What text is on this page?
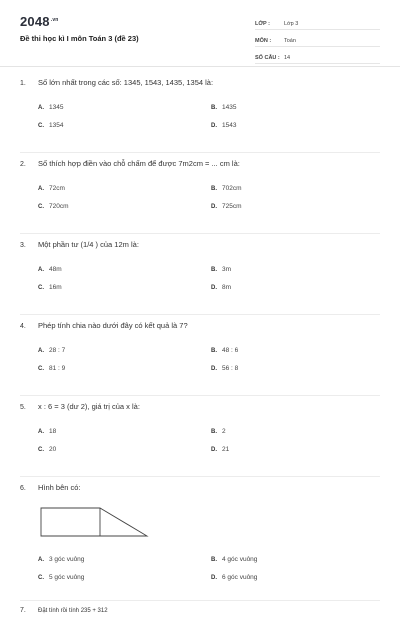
$2048^{.vn}$
Đề thi học kì I môn Toán 3 (đề 23)
LỚP :	Lớp 3
MÔN :	Toán
SỐ CÂU : 14
1.	Số lớn nhất trong các số: 1345, 1543, 1435, 1354 là:
A. 1345	B. 1435
C. 1354	D. 1543
2.	Số thích hợp điền vào chỗ chấm để được 7m2cm = ... cm là:
A. 72cm	B. 702cm
C. 720cm	D. 725cm
3.	Một phần tư (1/4 ) của 12m là:
A. 48m	B. 3m
C. 16m	D. 8m
4.	Phép tính chia nào dưới đây có kết quả là 7?
A. 28 : 7	B. 48 : 6
C. 81 : 9	D. 56 : 8
5.	x : 6 = 3 (dư 2), giá trị của x là:
A. 18	B. 2
C. 20	D. 21
6.	Hình bên có:
A. 3 góc vuông	B. 4 góc vuông
C. 5 góc vuông	D. 6 góc vuông
7.	Đặt tính rồi tính 235 + 312
